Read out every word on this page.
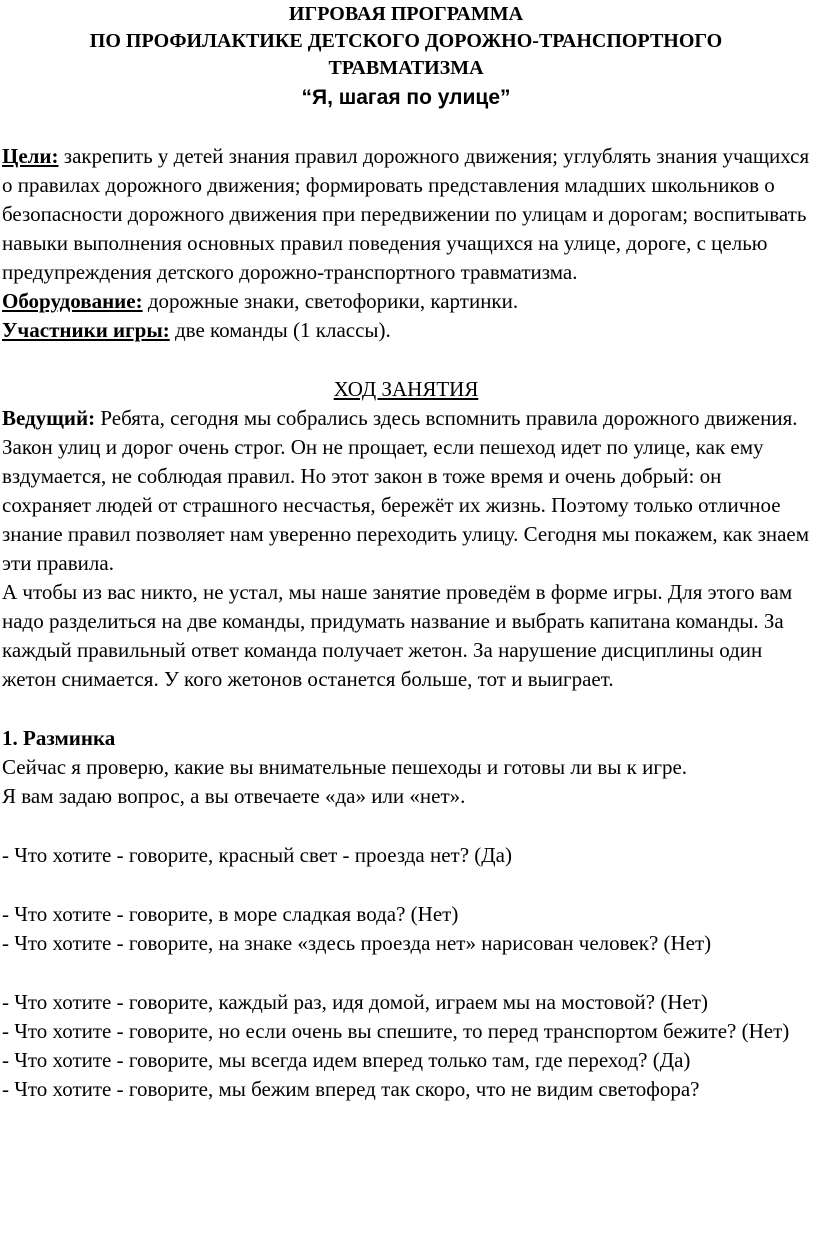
ИГРОВАЯ ПРОГРАММА
ПО ПРОФИЛАКТИКЕ ДЕТСКОГО ДОРОЖНО-ТРАНСПОРТНОГО
ТРАВМАТИЗМА
“Я, шагая по улице”

Цели: закрепить у детей знания правил дорожного движения; углублять знания учащихся о правилах дорожного движения; формировать представления младших школьников о безопасности дорожного движения при передвижении по улицам и дорогам; воспитывать навыки выполнения основных правил поведения учащихся на улице, дороге, с целью предупреждения детского дорожно-транспортного травматизма.

Оборудование: дорожные знаки, светофорики, картинки.

Участники игры: две команды (1 классы).

ХОД ЗАНЯТИЯ

Ведущий: Ребята, сегодня мы собрались здесь вспомнить правила дорожного движения. Закон улиц и дорог очень строг. Он не прощает, если пешеход идет по улице, как ему вздумается, не соблюдая правил. Но этот закон в тоже время и очень добрый: он сохраняет людей от страшного несчастья, бережёт их жизнь. Поэтому только отличное знание правил позволяет нам уверенно переходить улицу. Сегодня мы покажем, как знаем эти правила.

А чтобы из вас никто, не устал, мы наше занятие проведём в форме игры. Для этого вам надо разделиться на две команды, придумать название и выбрать капитана команды. За каждый правильный ответ команда получает жетон. За нарушение дисциплины один жетон снимается. У кого жетонов останется больше, тот и выиграет.

1. Разминка

Сейчас я проверю, какие вы внимательные пешеходы и готовы ли вы к игре.

Я вам задаю вопрос, а вы отвечаете «да» или «нет».

- Что хотите - говорите, красный свет - проезда нет? (Да)

- Что хотите - говорите, в море сладкая вода? (Нет)

- Что хотите - говорите, на знаке «здесь проезда нет» нарисован человек? (Нет)

- Что хотите - говорите, каждый раз, идя домой, играем мы на мостовой? (Нет)

- Что хотите - говорите, но если очень вы спешите, то перед транспортом бежите? (Нет)

- Что хотите - говорите, мы всегда идем вперед только там, где переход? (Да)

- Что хотите - говорите, мы бежим вперед так скоро, что не видим светофора?
